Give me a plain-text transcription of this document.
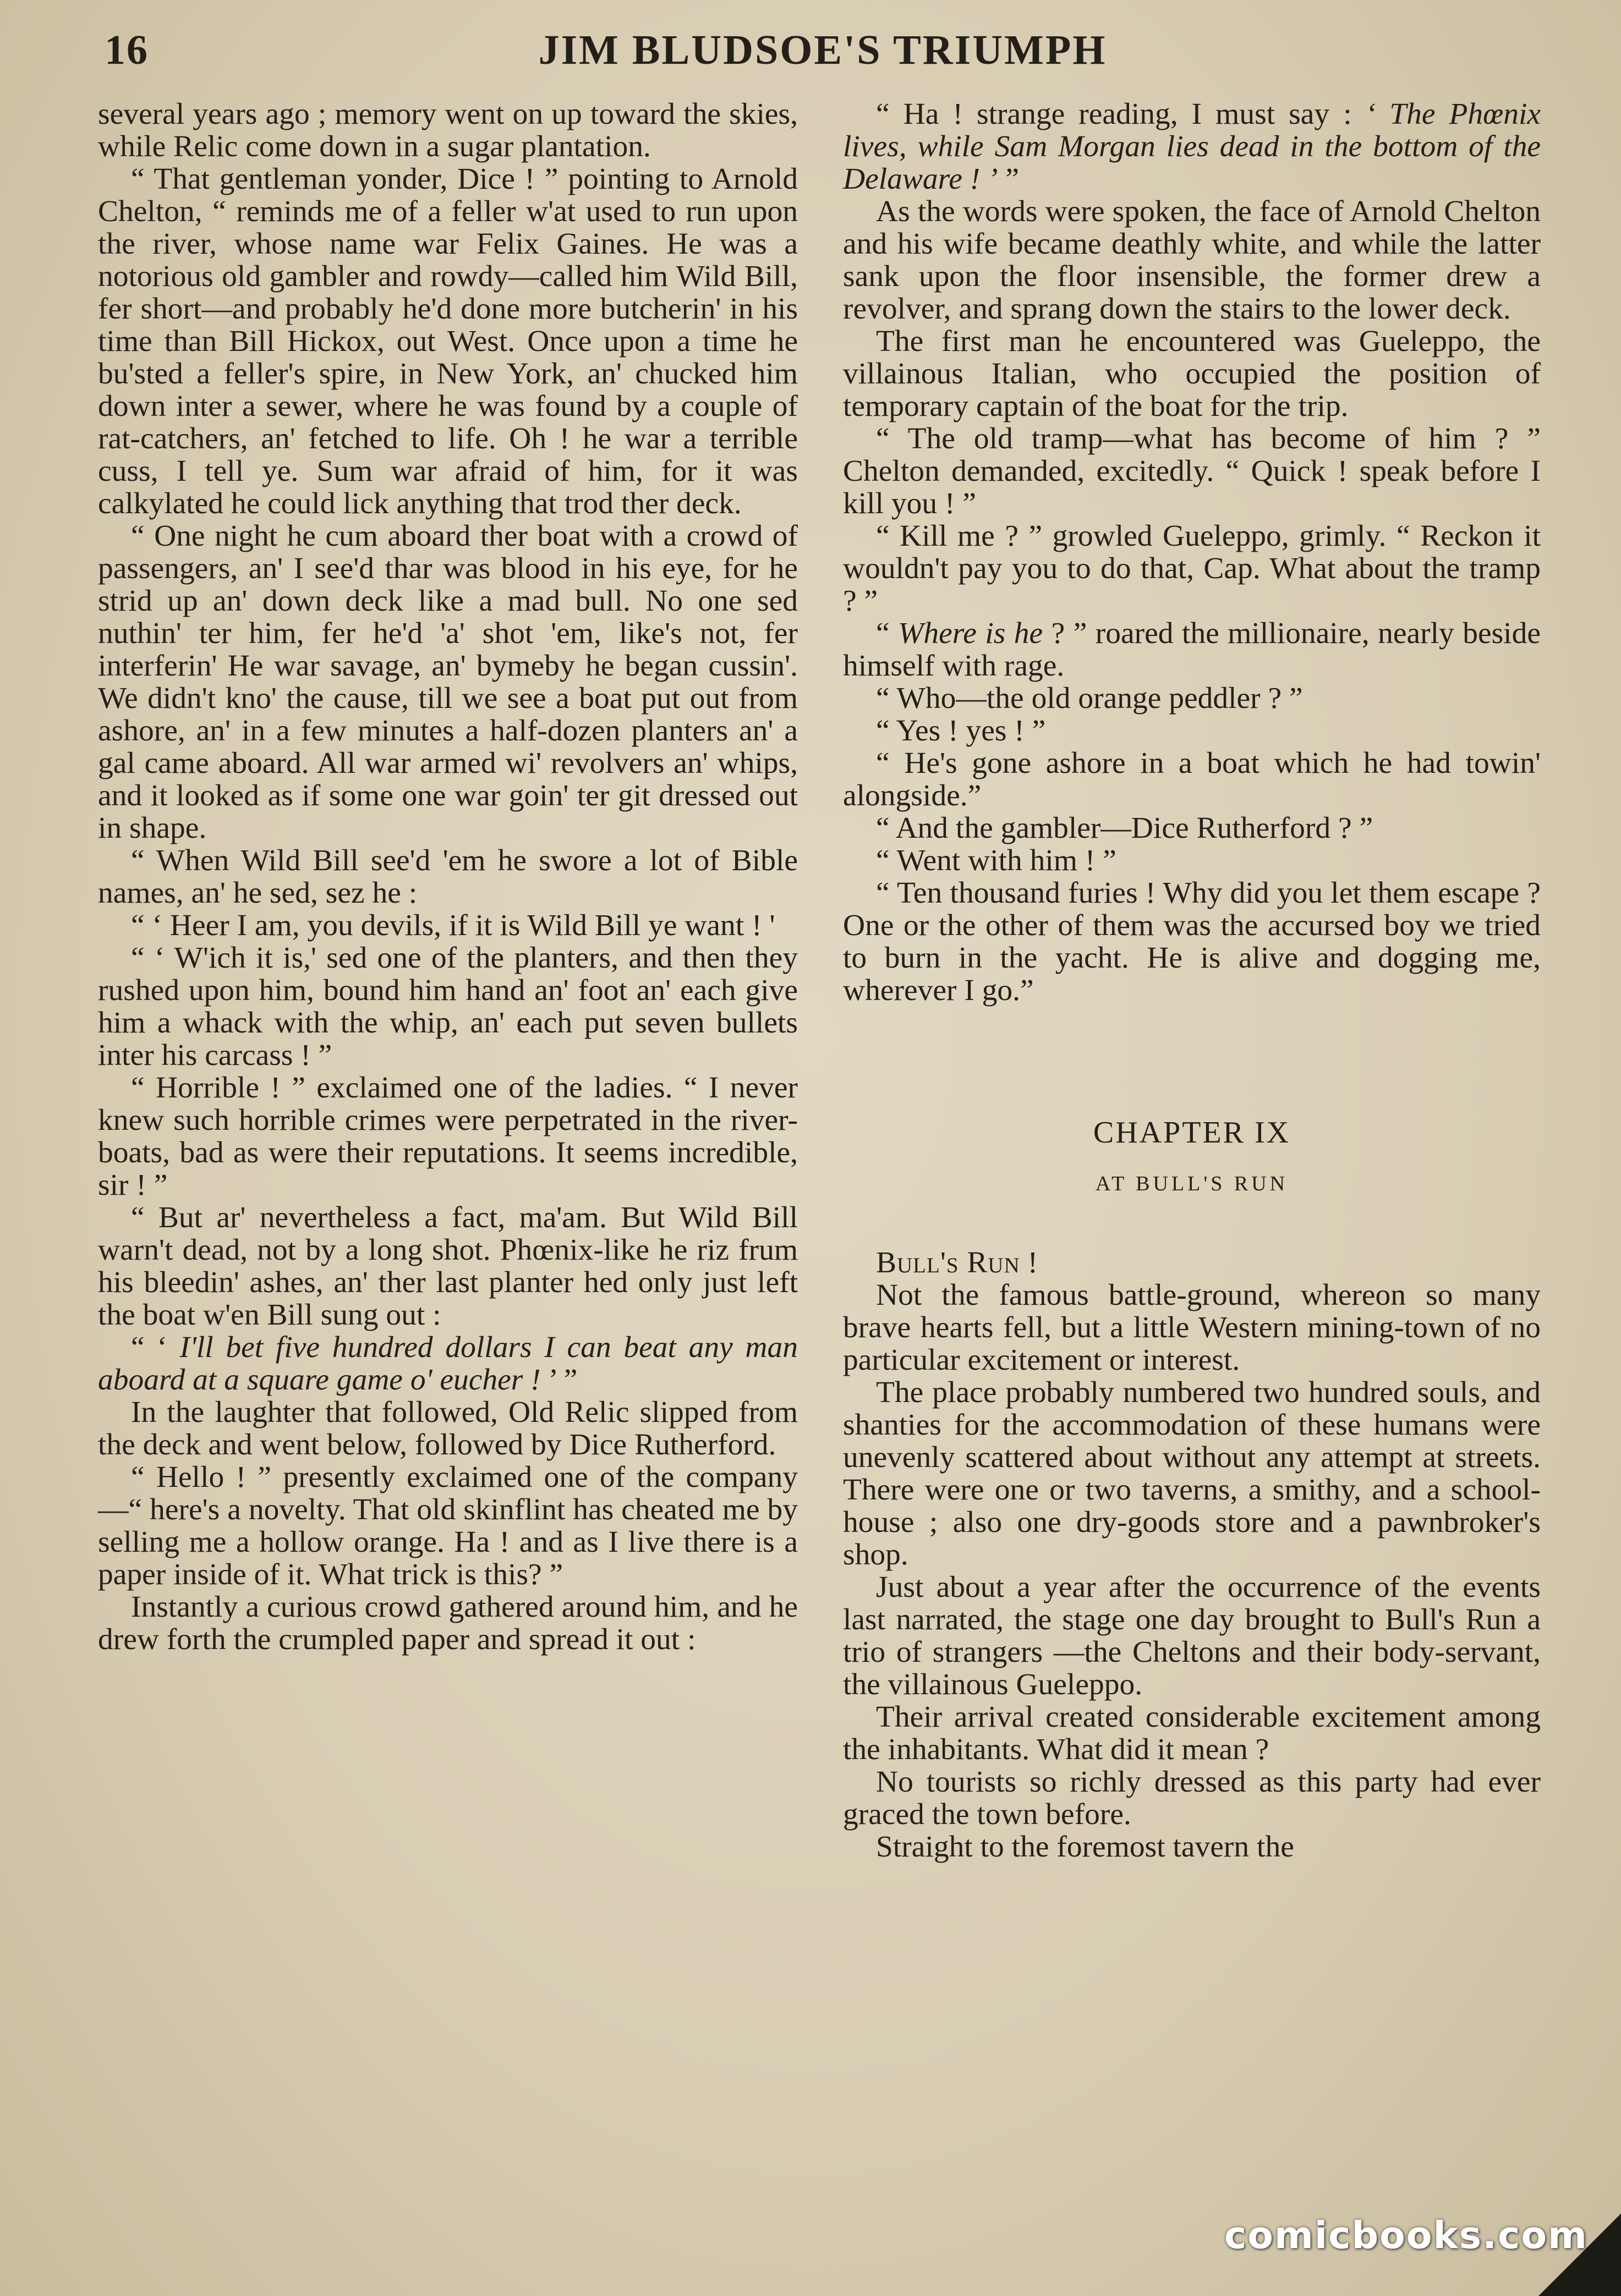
16	JIM BLUDSOE'S TRIUMPH

several years ago ; memory went on up toward the skies, while Relic come down in a sugar plantation.

“ That gentleman yonder, Dice ! ” pointing to Arnold Chelton, “ reminds me of a feller w'at used to run upon the river, whose name war Felix Gaines. He was a notorious old gambler and rowdy—called him Wild Bill, fer short—and probably he'd done more butcherin' in his time than Bill Hickox, out West. Once upon a time he bu'sted a feller's spire, in New York, an' chucked him down inter a sewer, where he was found by a couple of rat-catchers, an' fetched to life. Oh ! he war a terrible cuss, I tell ye. Sum war afraid of him, for it was calkylated he could lick anything that trod ther deck.

“ One night he cum aboard ther boat with a crowd of passengers, an' I see'd thar was blood in his eye, for he strid up an' down deck like a mad bull. No one sed nuthin' ter him, fer he'd 'a' shot 'em, like's not, fer interferin' He war savage, an' bymeby he began cussin'. We didn't kno' the cause, till we see a boat put out from ashore, an' in a few minutes a half-dozen planters an' a gal came aboard. All war armed wi' revolvers an' whips, and it looked as if some one war goin' ter git dressed out in shape.

“ When Wild Bill see'd 'em he swore a lot of Bible names, an' he sed, sez he :

“ ‘ Heer I am, you devils, if it is Wild Bill ye want ! '

“ ‘ W'ich it is,' sed one of the planters, and then they rushed upon him, bound him hand an' foot an' each give him a whack with the whip, an' each put seven bullets inter his carcass ! ”

“ Horrible ! ” exclaimed one of the ladies. “ I never knew such horrible crimes were perpetrated in the river-boats, bad as were their reputations. It seems incredible, sir ! ”

“ But ar' nevertheless a fact, ma'am. But Wild Bill warn't dead, not by a long shot. Phœnix-like he riz frum his bleedin' ashes, an' ther last planter hed only just left the boat w'en Bill sung out :

“ ‘ I'll bet five hundred dollars I can beat any man aboard at a square game o' eucher ! ’ ”

In the laughter that followed, Old Relic slipped from the deck and went below, followed by Dice Rutherford.

“ Hello ! ” presently exclaimed one of the company—“ here's a novelty. That old skinflint has cheated me by selling me a hollow orange. Ha ! and as I live there is a paper inside of it. What trick is this? ”

Instantly a curious crowd gathered around him, and he drew forth the crumpled paper and spread it out :

“ Ha ! strange reading, I must say : ‘ The Phœnix lives, while Sam Morgan lies dead in the bottom of the Delaware ! ’ ”

As the words were spoken, the face of Arnold Chelton and his wife became deathly white, and while the latter sank upon the floor insensible, the former drew a revolver, and sprang down the stairs to the lower deck.

The first man he encountered was Gueleppo, the villainous Italian, who occupied the position of temporary captain of the boat for the trip.

“ The old tramp—what has become of him ? ” Chelton demanded, excitedly. “ Quick ! speak before I kill you ! ”

“ Kill me ? ” growled Gueleppo, grimly. “ Reckon it wouldn't pay you to do that, Cap. What about the tramp ? ”

“ Where is he ? ” roared the millionaire, nearly beside himself with rage.

“ Who—the old orange peddler ? ”

“ Yes ! yes ! ”

“ He's gone ashore in a boat which he had towin' alongside.”

“ And the gambler—Dice Rutherford ? ”

“ Went with him ! ”

“ Ten thousand furies ! Why did you let them escape ? One or the other of them was the accursed boy we tried to burn in the yacht. He is alive and dogging me, wherever I go.”

CHAPTER IX
AT BULL'S RUN

Bull's Run !

Not the famous battle-ground, whereon so many brave hearts fell, but a little Western mining-town of no particular excitement or interest.

The place probably numbered two hundred souls, and shanties for the accommodation of these humans were unevenly scattered about without any attempt at streets. There were one or two taverns, a smithy, and a school-house ; also one dry-goods store and a pawnbroker's shop.

Just about a year after the occurrence of the events last narrated, the stage one day brought to Bull's Run a trio of strangers —the Cheltons and their body-servant, the villainous Gueleppo.

Their arrival created considerable excitement among the inhabitants. What did it mean ?

No tourists so richly dressed as this party had ever graced the town before.

Straight to the foremost tavern the

comicbooks.com
